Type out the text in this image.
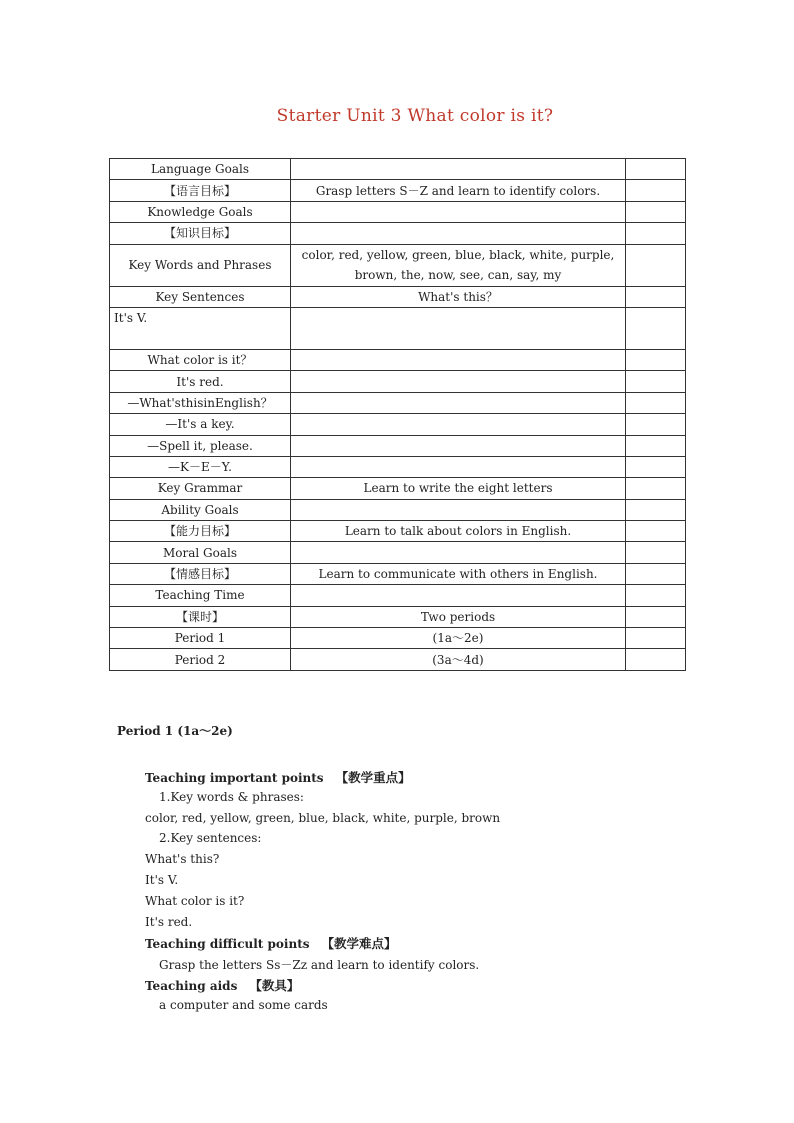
Starter Unit 3 What color is it?
Language Goals		
【语言目标】	Grasp letters S－Z and learn to identify colors.	
Knowledge Goals		
【知识目标】		
Key Words and Phrases	color, red, yellow, green, blue, black, white, purple, brown, the, now, see, can, say, my	
Key Sentences	What's this？	
It's V.		
What color is it？		
It's red.		
—What'sthisinEnglish？		
—It's a key.		
—Spell it, please.		
—K－E－Y.		
Key Grammar	Learn to write the eight letters	
Ability Goals		
【能力目标】	Learn to talk about colors in English.	
Moral Goals		
【情感目标】	Learn to communicate with others in English.	
Teaching Time		
【课时】	Two periods	
Period 1	(1a～2e)	
Period 2	(3a～4d)	
Period 1 (1a～2e)
Teaching important points 【教学重点】
1.Key words & phrases:
color, red, yellow, green, blue, black, white, purple, brown
2.Key sentences:
What's this?
It's V.
What color is it?
It's red.
Teaching difficult points 【教学难点】
Grasp the letters Ss－Zz and learn to identify colors.
Teaching aids 【教具】
a computer and some cards
